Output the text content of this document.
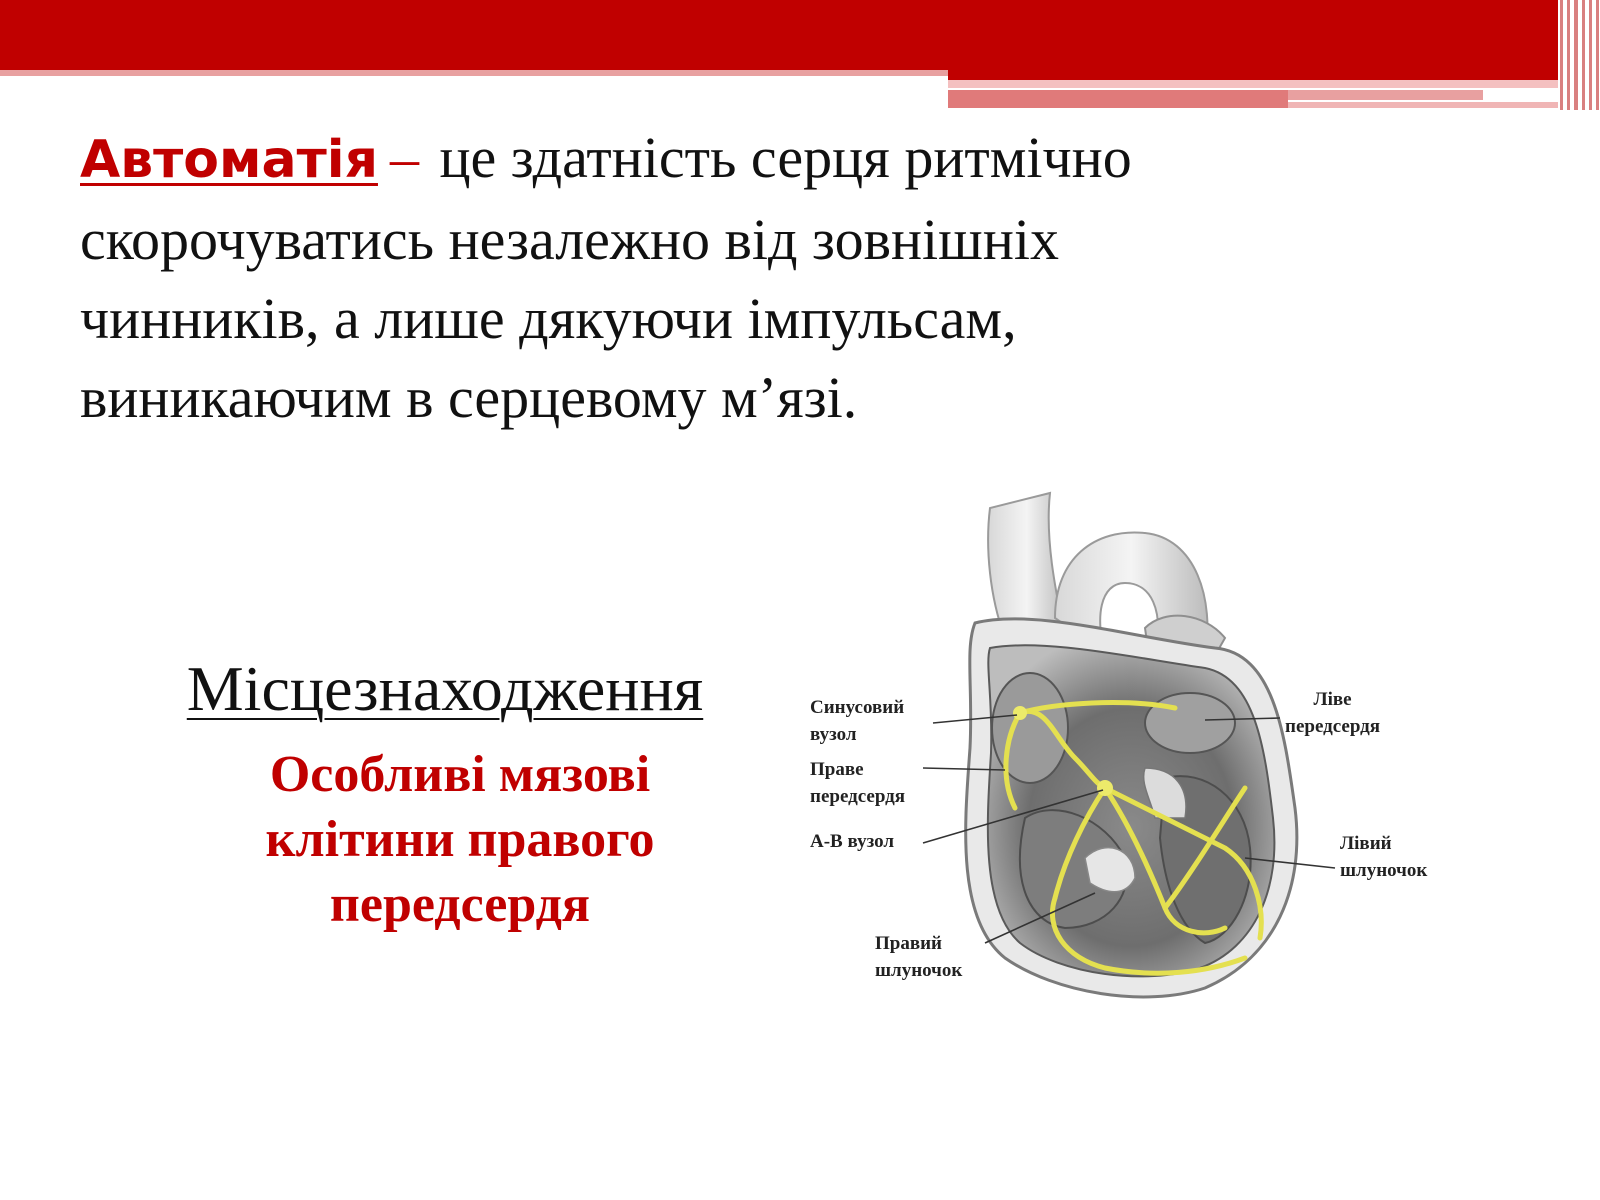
Автоматія – це здатність серця ритмічно скорочуватись незалежно від зовнішніх чинників, а лише дякуючи імпульсам, виникаючим в серцевому м’язі.
Місцезнаходження
Особливі мязові клітини правого передсердя
Синусовий
вузол
Праве
передсердя
А-В вузол
Правий
шлуночок
Ліве
передсердя
Лівий
шлуночок
